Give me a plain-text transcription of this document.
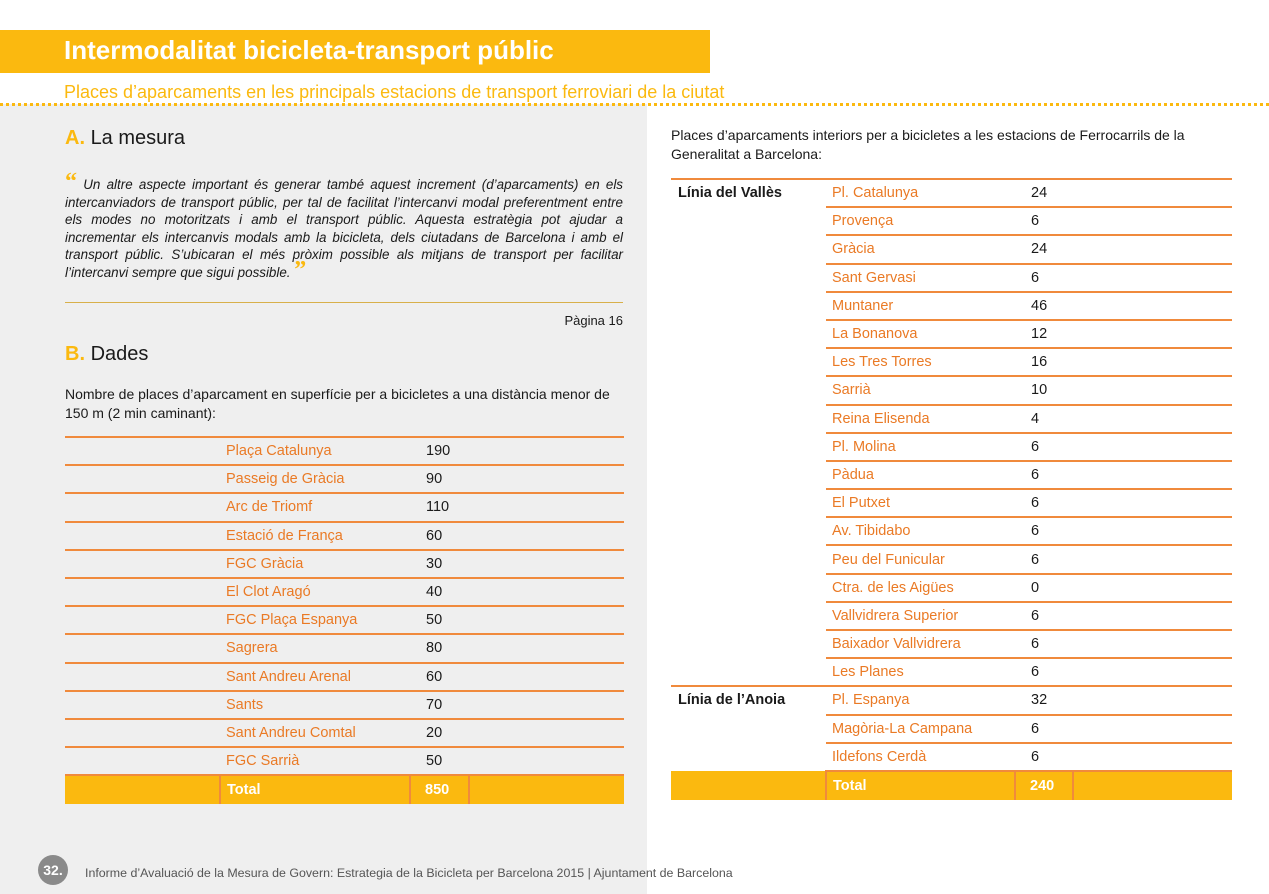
Intermodalitat bicicleta-transport públic
Places d’aparcaments en les principals estacions de transport ferroviari de la ciutat
A. La mesura
“ Un altre aspecte important és generar també aquest increment (d’aparcaments) en els intercanviadors de transport públic, per tal de facilitat l’intercanvi modal preferentment entre els modes no motoritzats i amb el transport públic. Aquesta estratègia pot ajudar a incrementar els intercanvis modals amb la bicicleta, dels ciutadans de Barcelona i amb el transport públic. S’ubicaran el més pròxim possible als mitjans de transport per facilitar l’intercanvi sempre que sigui possible. ”
Pàgina 16
B. Dades
Nombre de places d’aparcament en superfície per a bicicletes a una distància menor de 150 m (2 min caminant):
	Plaça Catalunya	190	
	Passeig de Gràcia	90	
	Arc de Triomf	110	
	Estació de França	60	
	FGC Gràcia	30	
	El Clot Aragó	40	
	FGC Plaça Espanya	50	
	Sagrera	80	
	Sant Andreu Arenal	60	
	Sants	70	
	Sant Andreu Comtal	20	
	FGC Sarrià	50	
	Total	850	
Places d’aparcaments interiors per a bicicletes a les estacions de Ferrocarrils de la Generalitat a Barcelona:
Línia del Vallès	Pl. Catalunya	24	
	Provença	6	
	Gràcia	24	
	Sant Gervasi	6	
	Muntaner	46	
	La Bonanova	12	
	Les Tres Torres	16	
	Sarrià	10	
	Reina Elisenda	4	
	Pl. Molina	6	
	Pàdua	6	
	El Putxet	6	
	Av. Tibidabo	6	
	Peu del Funicular	6	
	Ctra. de les Aigües	0	
	Vallvidrera Superior	6	
	Baixador Vallvidrera	6	
	Les Planes	6	
Línia de l’Anoia	Pl. Espanya	32	
	Magòria-La Campana	6	
	Ildefons Cerdà	6	
	Total	240	
32.	Informe d’Avaluació de la Mesura de Govern: Estrategia de la Bicicleta per Barcelona 2015 | Ajuntament de Barcelona
